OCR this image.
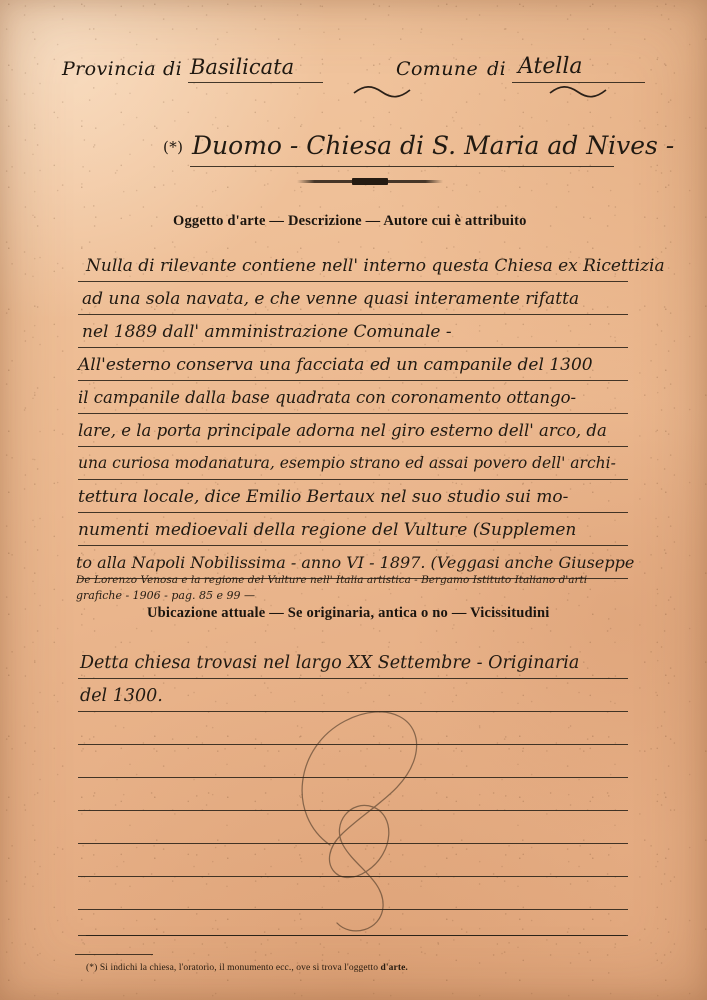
Provincia di Basilicata	Comune di Atella
(*) Duomo - Chiesa di S. Maria ad Nives -
Oggetto d'arte — Descrizione — Autore cui è attribuito
Nulla di rilevante contiene nell' interno questa Chiesa ex Ricettizia
ad una sola navata, e che venne quasi interamente rifatta
nel 1889 dall' amministrazione Comunale -
All'esterno conserva una facciata ed un campanile del 1300
il campanile dalla base quadrata con coronamento ottango-
lare, e la porta principale adorna nel giro esterno dell' arco, da
una curiosa modanatura, esempio strano ed assai povero dell' archi-
tettura locale, dice Emilio Bertaux nel suo studio sui mo-
numenti medioevali della regione del Vulture (Supplemen
to alla Napoli Nobilissima - anno VI - 1897. (Veggasi anche Giuseppe
De Lorenzo Venosa e la regione del Vulture nell' Italia artistica - Bergamo Istituto Italiano d'arti
grafiche - 1906 - pag. 85 e 99 —
Ubicazione attuale — Se originaria, antica o no — Vicissitudini
Detta chiesa trovasi nel largo XX Settembre - Originaria
del 1300.
(*) Si indichi la chiesa, l'oratorio, il monumento ecc., ove si trova l'oggetto d'arte.
